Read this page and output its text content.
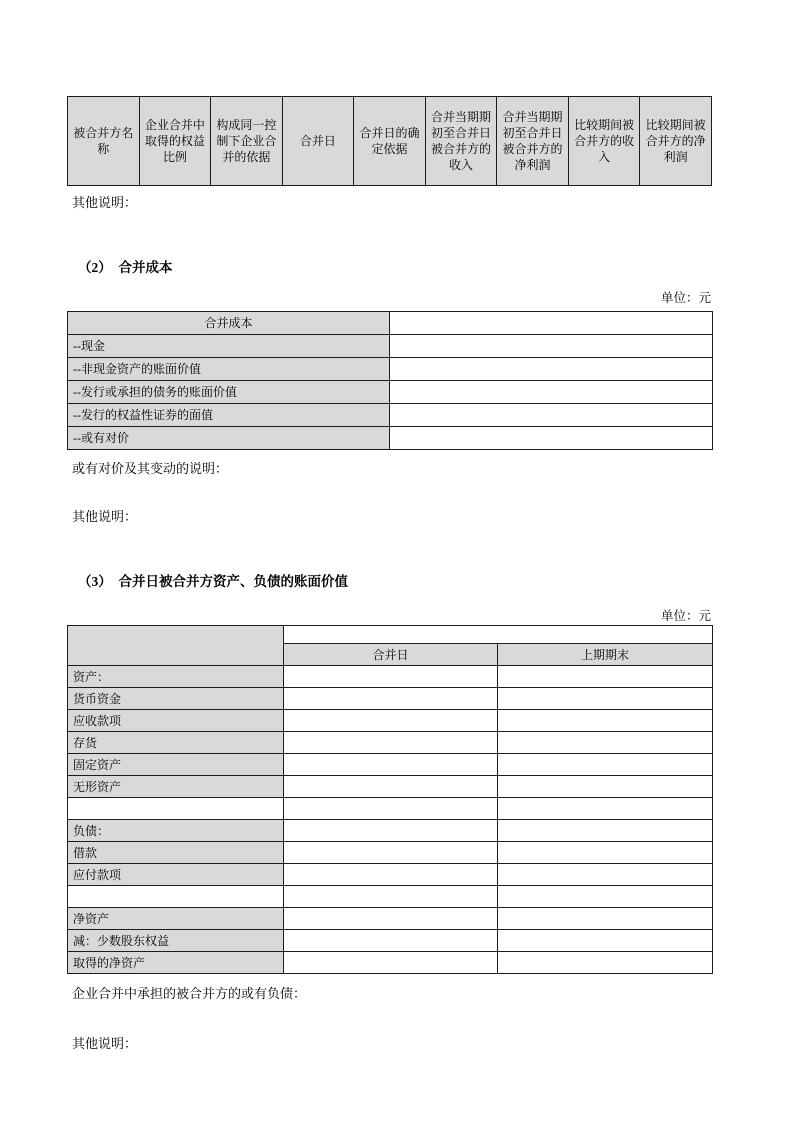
被合并方名称	企业合并中取得的权益比例	构成同一控制下企业合并的依据	合并日	合并日的确定依据	合并当期期初至合并日被合并方的收入	合并当期期初至合并日被合并方的净利润	比较期间被合并方的收入	比较期间被合并方的净利润

其他说明：

（2）　合并成本

单位：元

合并成本	
--现金	
--非现金资产的账面价值	
--发行或承担的债务的账面价值	
--发行的权益性证券的面值	
--或有对价	

或有对价及其变动的说明：

其他说明：

（3）　合并日被合并方资产、负债的账面价值

单位：元

	合并日	上期期末
资产：		
货币资金		
应收款项		
存货		
固定资产		
无形资产		

负债：		
借款		
应付款项		

净资产		
减：少数股东权益		
取得的净资产		

企业合并中承担的被合并方的或有负债：

其他说明：
